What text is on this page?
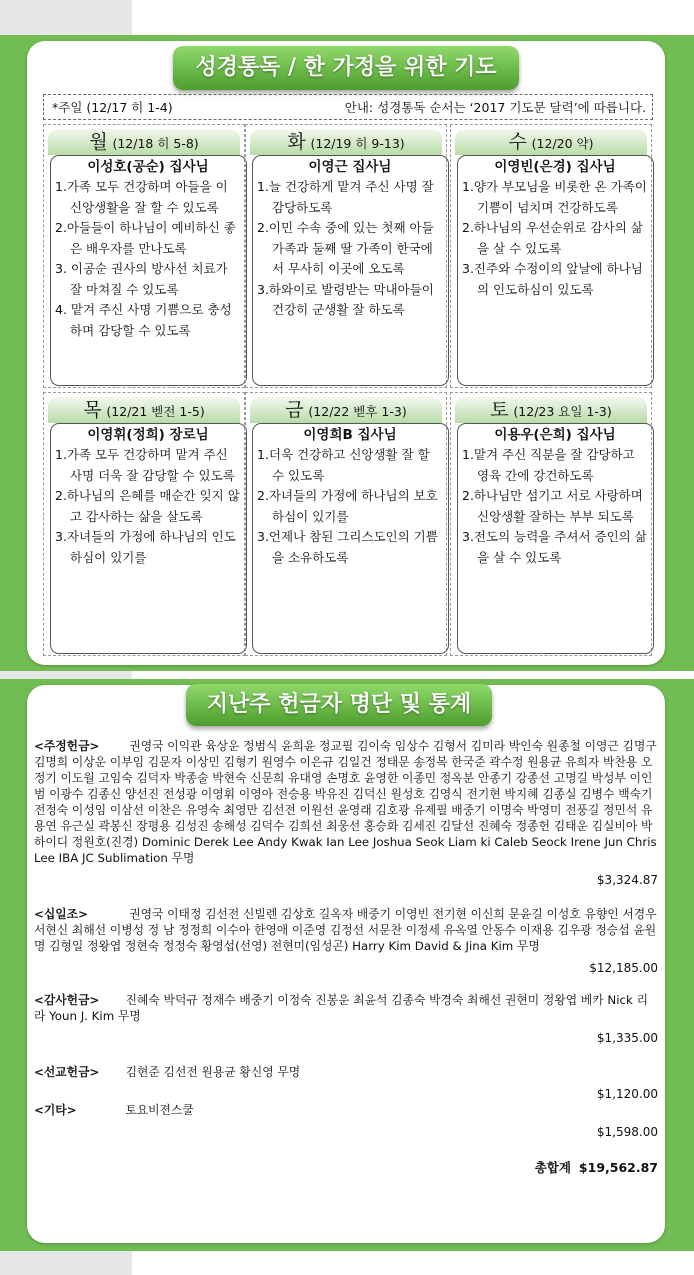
성경통독 / 한 가정을 위한 기도
*주일 (12/17 히 1-4)	안내: 성경통독 순서는 ‘2017 기도문 달력’에 따릅니다.
월 (12/18 히 5-8)
이성호(공순) 집사님
1.가족 모두 건강하며 아들을 이 신앙생활을 잘 할 수 있도록
2.아들들이 하나님이 예비하신 좋은 배우자를 만나도록
3. 이공순 권사의 방사선 치료가 잘 마쳐질 수 있도록
4. 맡겨 주신 사명 기쁨으로 충성하며 감당할 수 있도록
화 (12/19 히 9-13)
이영근 집사님
1.늘 건강하게 맡겨 주신 사명 잘 감당하도록
2.이민 수속 중에 있는 첫째 아들가족과 둘째 딸 가족이 한국에서 무사히 이곳에 오도록
3.하와이로 발령받는 막내아들이 건강히 군생활 잘 하도록
수 (12/20 약)
이영빈(은경) 집사님
1.양가 부모님을 비롯한 온 가족이 기쁨이 넘치며 건강하도록
2.하나님의 우선순위로 감사의 삶을 살 수 있도록
3.진주와 수정이의 앞날에 하나님의 인도하심이 있도록
목 (12/21 벧전 1-5)
이영휘(정희) 장로님
1.가족 모두 건강하며 맡겨 주신 사명 더욱 잘 감당할 수 있도록
2.하나님의 은혜를 매순간 잊지 않고 감사하는 삶을 살도록
3.자녀들의 가정에 하나님의 인도하심이 있기를
금 (12/22 벧후 1-3)
이영희B 집사님
1.더욱 건강하고 신앙생활 잘 할 수 있도록
2.자녀들의 가정에 하나님의 보호하심이 있기를
3.언제나 참된 그리스도인의 기쁨을 소유하도록
토 (12/23 요일 1-3)
이용우(은희) 집사님
1.맡겨 주신 직분을 잘 감당하고 영육 간에 강건하도록
2.하나님만 섬기고 서로 사랑하며 신앙생활 잘하는 부부 되도록
3.전도의 능력을 주셔서 증인의 삶을 살 수 있도록
지난주 헌금자 명단 및 통계
<주정헌금>	권영국 이익관 육상운 정범식 윤희윤 정교필 김이숙 임상수 김형서 김미라 박인숙 원종철 이영근 김명구 김명희 이상운 이부임 김문자 이상민 김형기 원영수 이은규 김일건 정태문 송정복 한국준 곽수정 원용균 유희자 박찬용 오정기 이도월 고임숙 김덕자 박종술 박현숙 신문희 유대영 손명호 윤영한 이종민 정옥분 안종기 강종선 고명길 박성부 이인범 이광수 김종신 양선진 전성광 이영휘 이영아 전승용 박유진 김덕신 원성호 김영식 전기현 박지혜 김종실 김병수 백숙기 전정숙 이성임 이삼선 이찬은 유영숙 최영만 김선전 이원선 윤영래 김호광 유제필 배중기 이명숙 박영미 전풍길 정민석 유용연 유근실 곽봉신 장평용 김성진 송해성 김덕수 김희선 최웅선 홍승화 김세진 김달선 진혜숙 정종헌 김태운 김실비아 박하이디 정원호(진경) Dominic Derek Lee Andy Kwak Ian Lee Joshua Seok Liam ki Caleb Seock Irene Jun Chris Lee IBA JC Sublimation 무명
$3,324.87
<십일조>	권영국 이태정 김선전 신빌렌 김상호 길옥자 배중기 이영빈 전기현 이신희 문윤길 이성호 유향인 서경우 서현신 최해선 이병성 정 남 정정희 이수아 한영애 이준영 김정선 서문찬 이정세 유옥열 안동수 이재용 김우광 정승섭 윤원명 김형일 정왕엽 정현숙 정정숙 황영섭(선영) 전현미(임성곤) Harry Kim David & Jina Kim 무명
$12,185.00
<감사헌금> 진혜숙 박덕규 정재수 배중기 이정숙 진봉운 최윤석 김종숙 박경숙 최해선 권현미 정왕엽 베카 Nick 리라 Youn J. Kim 무명
$1,335.00
<선교헌금> 김현준 김선전 원용균 황신영 무명
$1,120.00
<기타>	토요비젼스쿨
$1,598.00
총합계 $19,562.87
